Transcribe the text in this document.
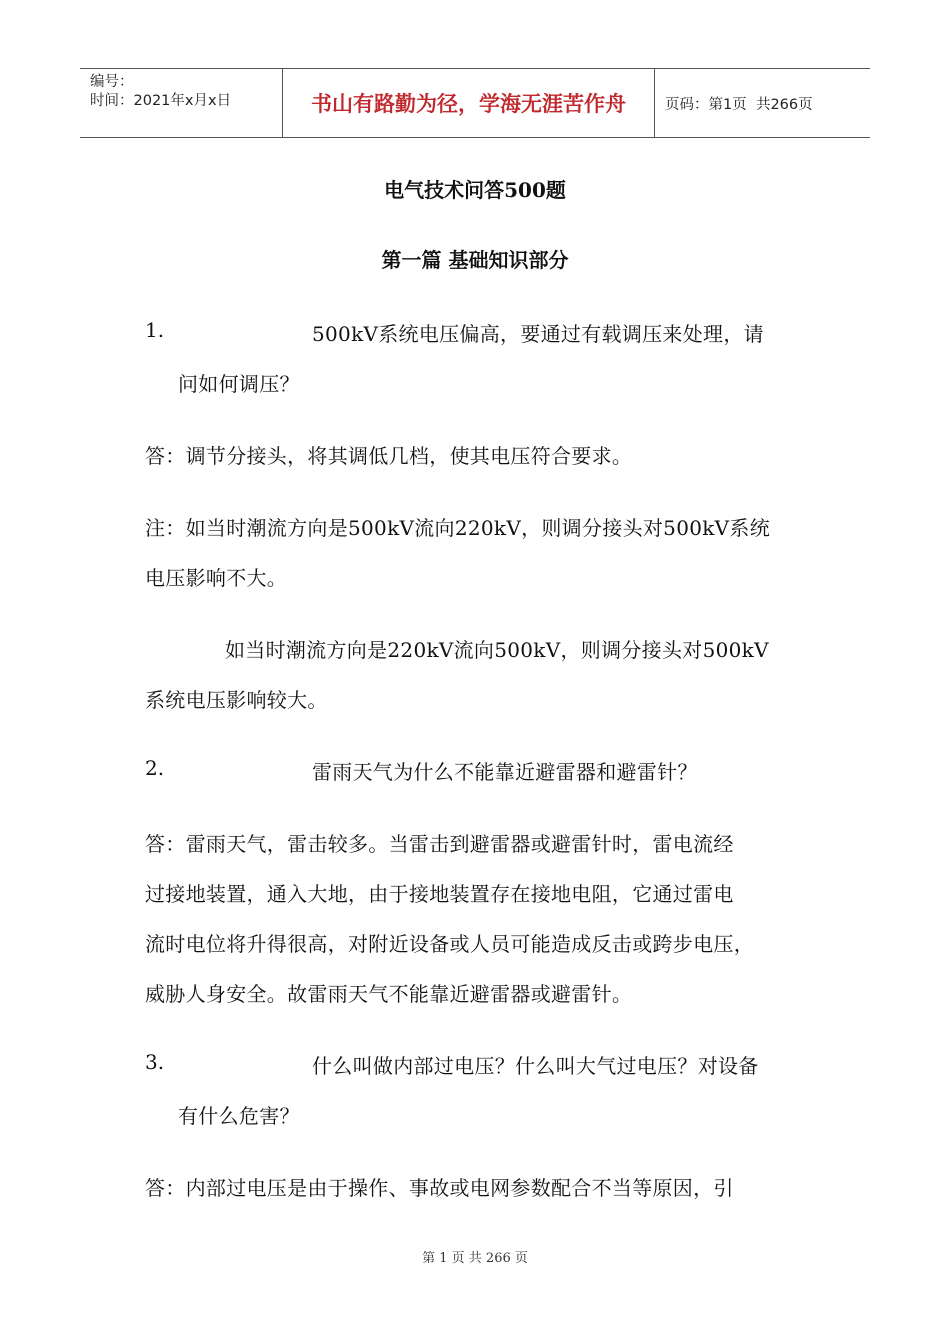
编号：
时间：2021年x月x日	书山有路勤为径，学海无涯苦作舟	页码：第1页  共266页
电气技术问答500题
第一篇 基础知识部分
1.	500kV系统电压偏高，要通过有载调压来处理，请
问如何调压？
答：调节分接头，将其调低几档，使其电压符合要求。
注：如当时潮流方向是500kV流向220kV，则调分接头对500kV系统
电压影响不大。
如当时潮流方向是220kV流向500kV，则调分接头对500kV
系统电压影响较大。
2.	雷雨天气为什么不能靠近避雷器和避雷针？
答：雷雨天气，雷击较多。当雷击到避雷器或避雷针时，雷电流经
过接地装置，通入大地，由于接地装置存在接地电阻，它通过雷电
流时电位将升得很高，对附近设备或人员可能造成反击或跨步电压，
威胁人身安全。故雷雨天气不能靠近避雷器或避雷针。
3.	什么叫做内部过电压？什么叫大气过电压？对设备
有什么危害？
答：内部过电压是由于操作、事故或电网参数配合不当等原因，引
第 1 页 共 266 页
